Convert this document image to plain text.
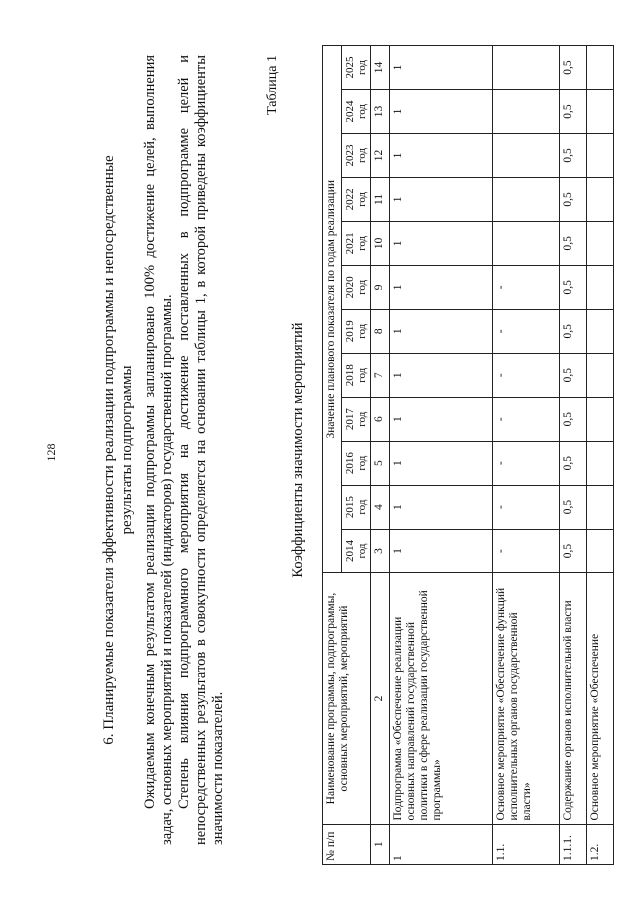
128	6. Планируемые показатели эффективности реализации подпрограммы и непосредственные результаты подпрограммы Ожидаемым конечным результатом реализации подпрограммы запланировано 100% достижение целей, выполнения задач, основных мероприятий и показателей (индикаторов) государственной программы. Степень влияния подпрограммного мероприятия на достижение поставленных в подпрограмме целей и непосредственных результатов в совокупности определяется на основании таблицы 1, в которой приведены коэффициенты значимости показателей.
Таблица 1
Коэффициенты значимости мероприятий
№ п/п	Наименование программы, подпрограммы, основных мероприятий, мероприятий	Значение планового показателя по годам реализации											
		2014 год	2015 год	2016 год	2017 год	2018 год	2019 год	2020 год	2021 год	2022 год	2023 год	2024 год	2025 год
1	2	3	4	5	6	7	8	9	10	11	12	13	14
1	Подпрограмма «Обеспечение реализации основных направлений государственной политики в сфере реализации государственной программы»	1	1	1	1	1	1	1	1	1	1	1	1
1.1.	Основное мероприятие «Обеспечение функций исполнительных органов государственной власти»	-	-	-	-	-	-	-					
1.1.1.	Содержание органов исполнительной власти	0,5	0,5	0,5	0,5	0,5	0,5	0,5	0,5	0,5	0,5	0,5	0,5
1.2.	Основное мероприятие «Обеспечение												
